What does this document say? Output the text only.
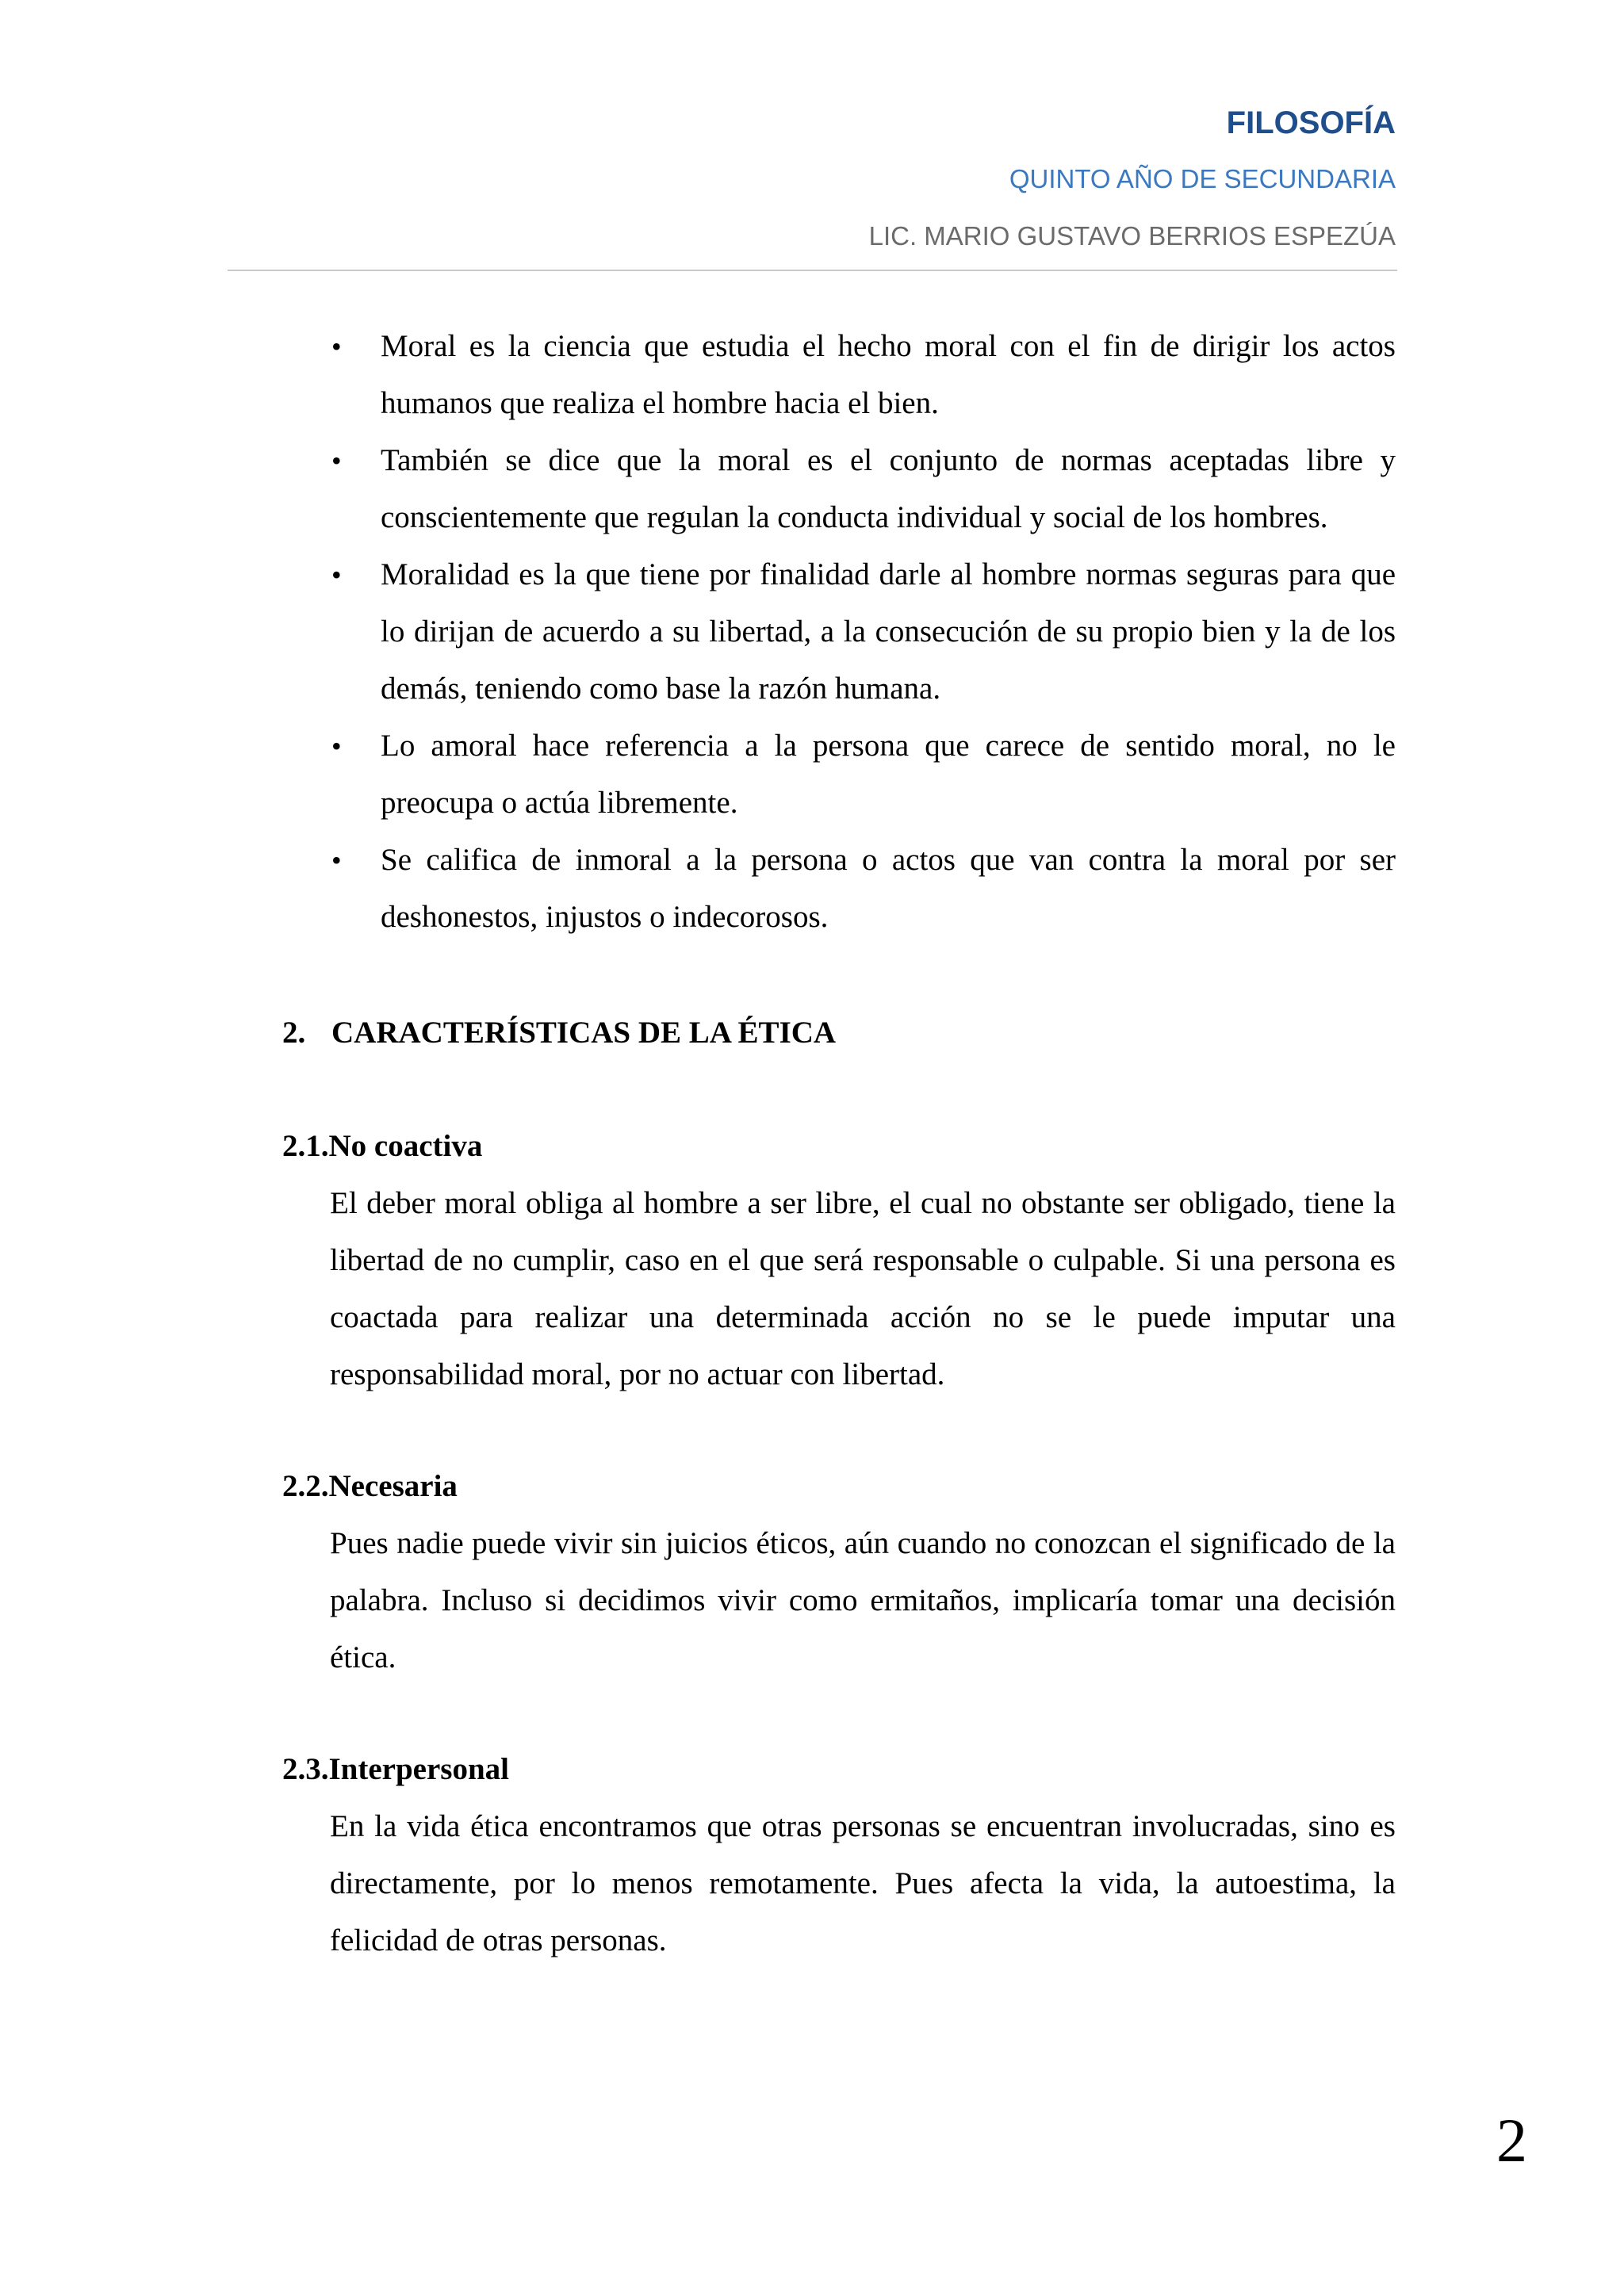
FILOSOFÍA
QUINTO AÑO DE SECUNDARIA
LIC. MARIO GUSTAVO BERRIOS ESPEZÚA
• Moral es la ciencia que estudia el hecho moral con el fin de dirigir los actos humanos que realiza el hombre hacia el bien.
• También se dice que la moral es el conjunto de normas aceptadas libre y conscientemente que regulan la conducta individual y social de los hombres.
• Moralidad es la que tiene por finalidad darle al hombre normas seguras para que lo dirijan de acuerdo a su libertad, a la consecución de su propio bien y la de los demás, teniendo como base la razón humana.
• Lo amoral hace referencia a la persona que carece de sentido moral, no le preocupa o actúa libremente.
• Se califica de inmoral a la persona o actos que van contra la moral por ser deshonestos, injustos o indecorosos.
2. CARACTERÍSTICAS DE LA ÉTICA
2.1.No coactiva
El deber moral obliga al hombre a ser libre, el cual no obstante ser obligado, tiene la libertad de no cumplir, caso en el que será responsable o culpable. Si una persona es coactada para realizar una determinada acción no se le puede imputar una responsabilidad moral, por no actuar con libertad.
2.2.Necesaria
Pues nadie puede vivir sin juicios éticos, aún cuando no conozcan el significado de la palabra. Incluso si decidimos vivir como ermitaños, implicaría tomar una decisión ética.
2.3.Interpersonal
En la vida ética encontramos que otras personas se encuentran involucradas, sino es directamente, por lo menos remotamente. Pues afecta la vida, la autoestima, la felicidad de otras personas.
2
